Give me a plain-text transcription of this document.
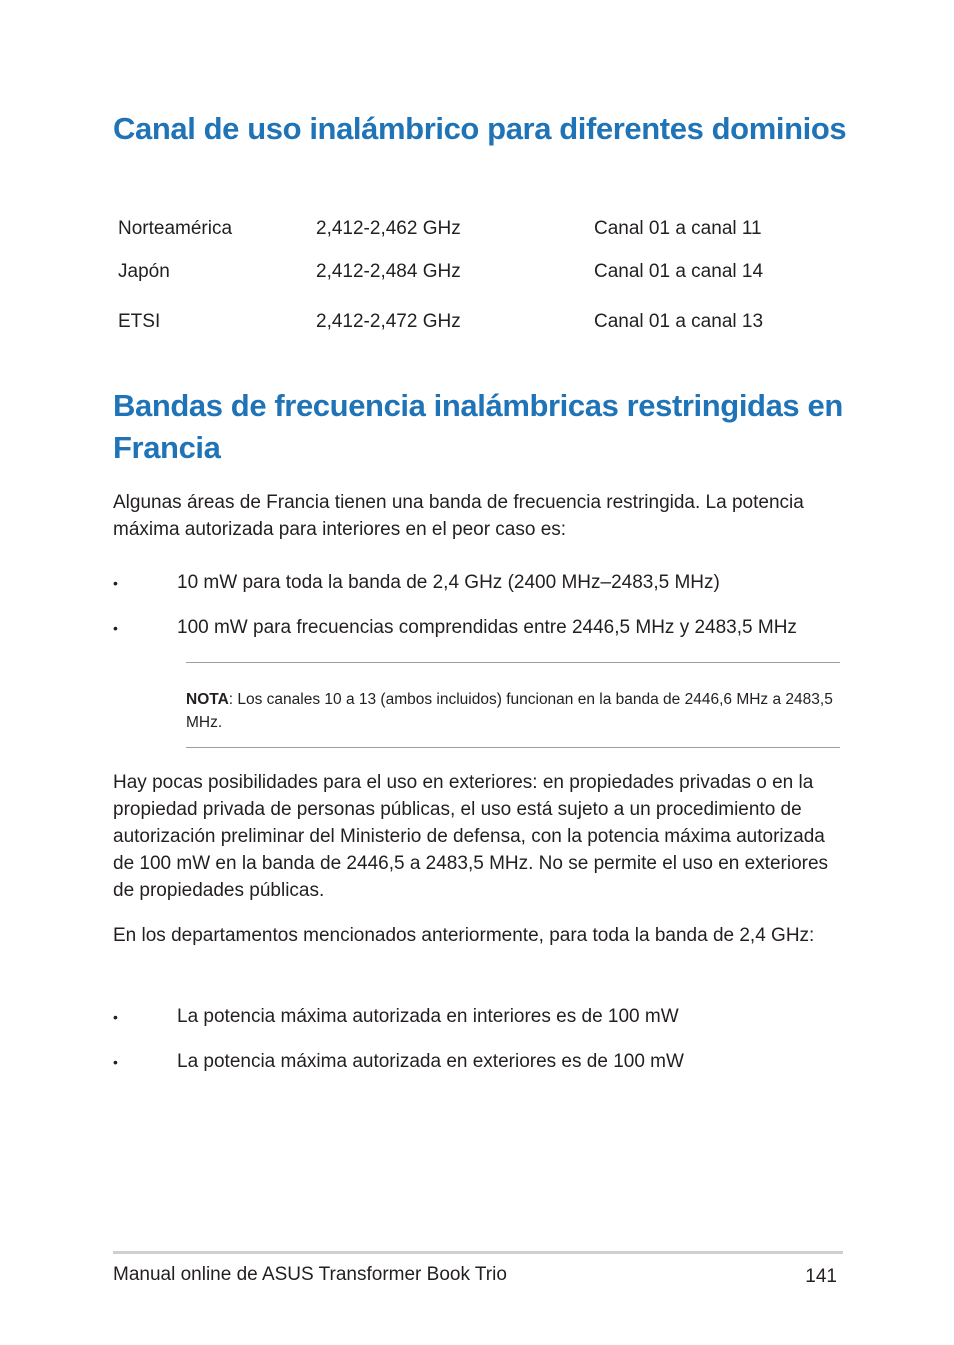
Canal de uso inalámbrico para diferentes dominios
Norteamérica	2,412-2,462 GHz	Canal 01 a canal 11
Japón	2,412-2,484 GHz	Canal 01 a canal 14
ETSI	2,412-2,472 GHz	Canal 01 a canal 13
Bandas de frecuencia inalámbricas restringidas en Francia

Algunas áreas de Francia tienen una banda de frecuencia restringida. La potencia máxima autorizada para interiores en el peor caso es:

•	10 mW para toda la banda de 2,4 GHz (2400 MHz–2483,5 MHz)
•	100 mW para frecuencias comprendidas entre 2446,5 MHz y 2483,5 MHz

NOTA: Los canales 10 a 13 (ambos incluidos) funcionan en la banda de 2446,6 MHz a 2483,5 MHz.

Hay pocas posibilidades para el uso en exteriores: en propiedades privadas o en la propiedad privada de personas públicas, el uso está sujeto a un procedimiento de autorización preliminar del Ministerio de defensa, con la potencia máxima autorizada de 100 mW en la banda de 2446,5 a 2483,5 MHz. No se permite el uso en exteriores de propiedades públicas.

En los departamentos mencionados anteriormente, para toda la banda de 2,4 GHz:

•	La potencia máxima autorizada en interiores es de 100 mW
•	La potencia máxima autorizada en exteriores es de 100 mW
Manual online de ASUS Transformer Book Trio	141
